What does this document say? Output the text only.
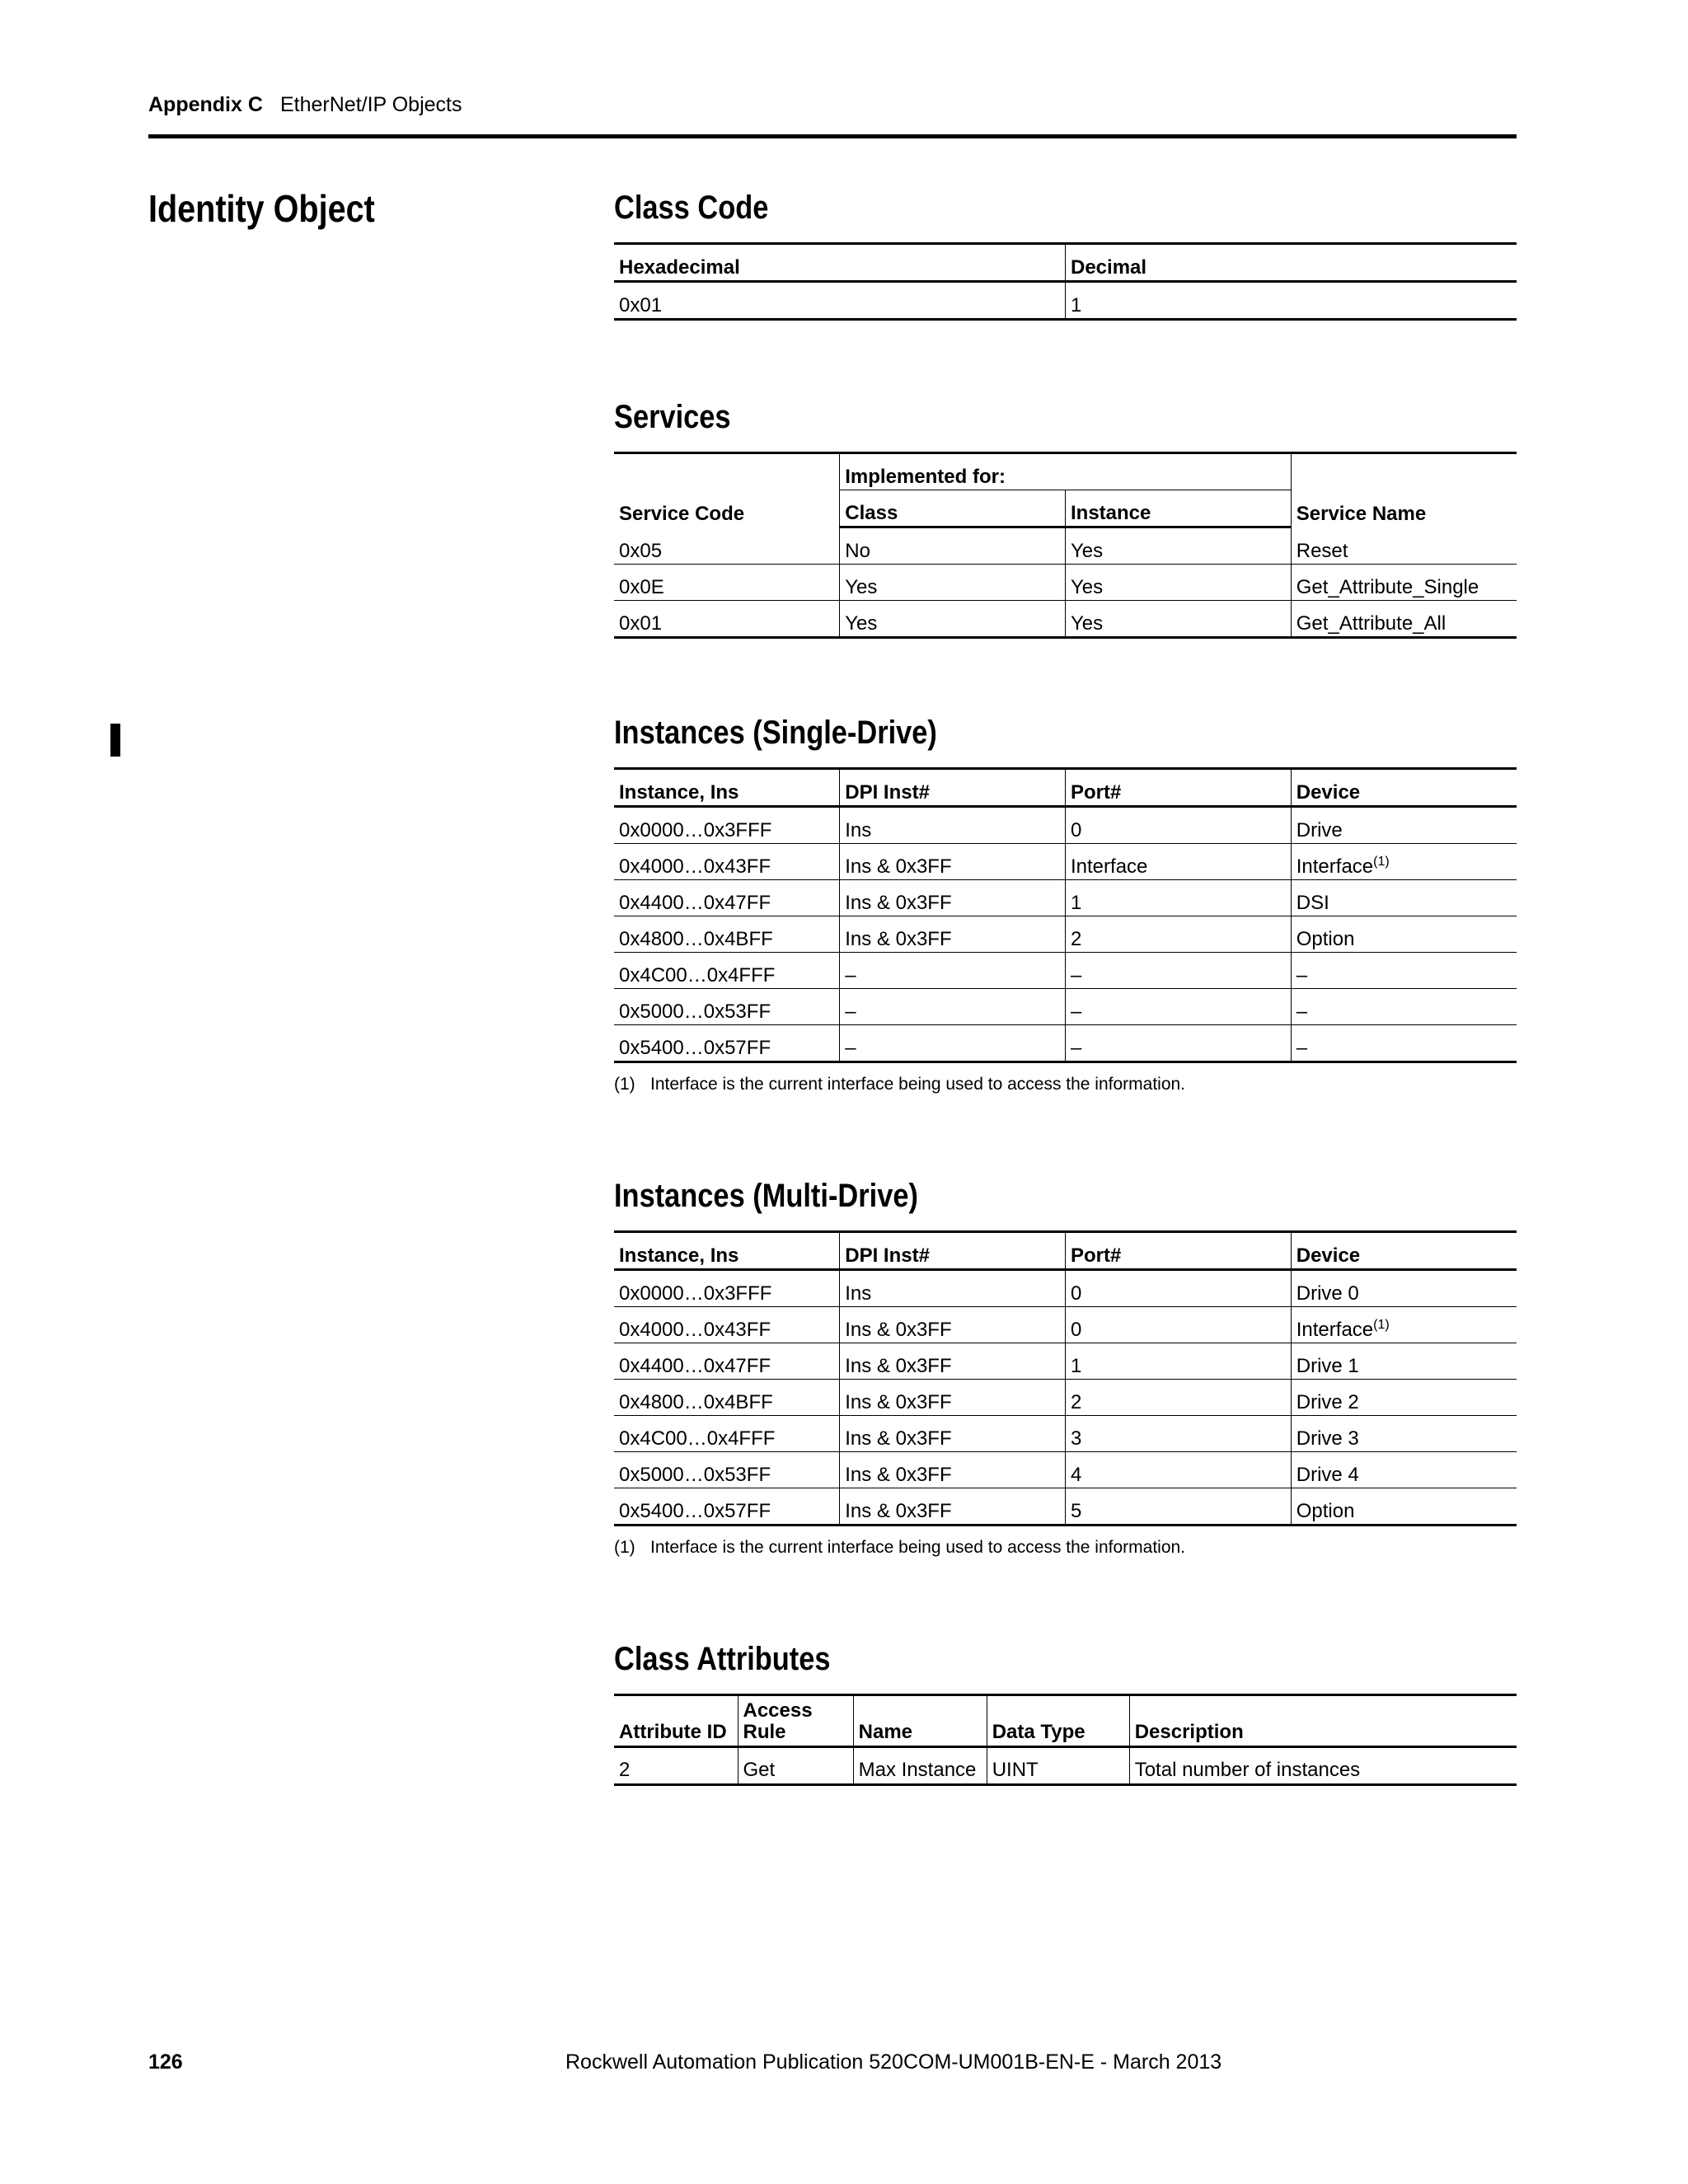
Appendix C EtherNet/IP Objects
Identity Object	Class Code
Hexadecimal	Decimal
0x01	1
Services
Service Code	Implemented for:		Service Name
	Class	Instance	
0x05	No	Yes	Reset
0x0E	Yes	Yes	Get_Attribute_Single
0x01	Yes	Yes	Get_Attribute_All
Instances (Single-Drive)
Instance, Ins	DPI Inst#	Port#	Device
0x0000…0x3FFF	Ins	0	Drive
0x4000…0x43FF	Ins & 0x3FF	Interface	Interface$^{(1)}$
0x4400…0x47FF	Ins & 0x3FF	1	DSI
0x4800…0x4BFF	Ins & 0x3FF	2	Option
0x4C00…0x4FFF	–	–	–
0x5000…0x53FF	–	–	–
0x5400…0x57FF	–	–	–
(1) Interface is the current interface being used to access the information.
Instances (Multi-Drive)
Instance, Ins	DPI Inst#	Port#	Device
0x0000…0x3FFF	Ins	0	Drive 0
0x4000…0x43FF	Ins & 0x3FF	0	Interface$^{(1)}$
0x4400…0x47FF	Ins & 0x3FF	1	Drive 1
0x4800…0x4BFF	Ins & 0x3FF	2	Drive 2
0x4C00…0x4FFF	Ins & 0x3FF	3	Drive 3
0x5000…0x53FF	Ins & 0x3FF	4	Drive 4
0x5400…0x57FF	Ins & 0x3FF	5	Option
(1) Interface is the current interface being used to access the information.
Class Attributes
Attribute ID	Access Rule	Name	Data Type	Description
2	Get	Max Instance	UINT	Total number of instances
126	Rockwell Automation Publication 520COM-UM001B-EN-E - March 2013
